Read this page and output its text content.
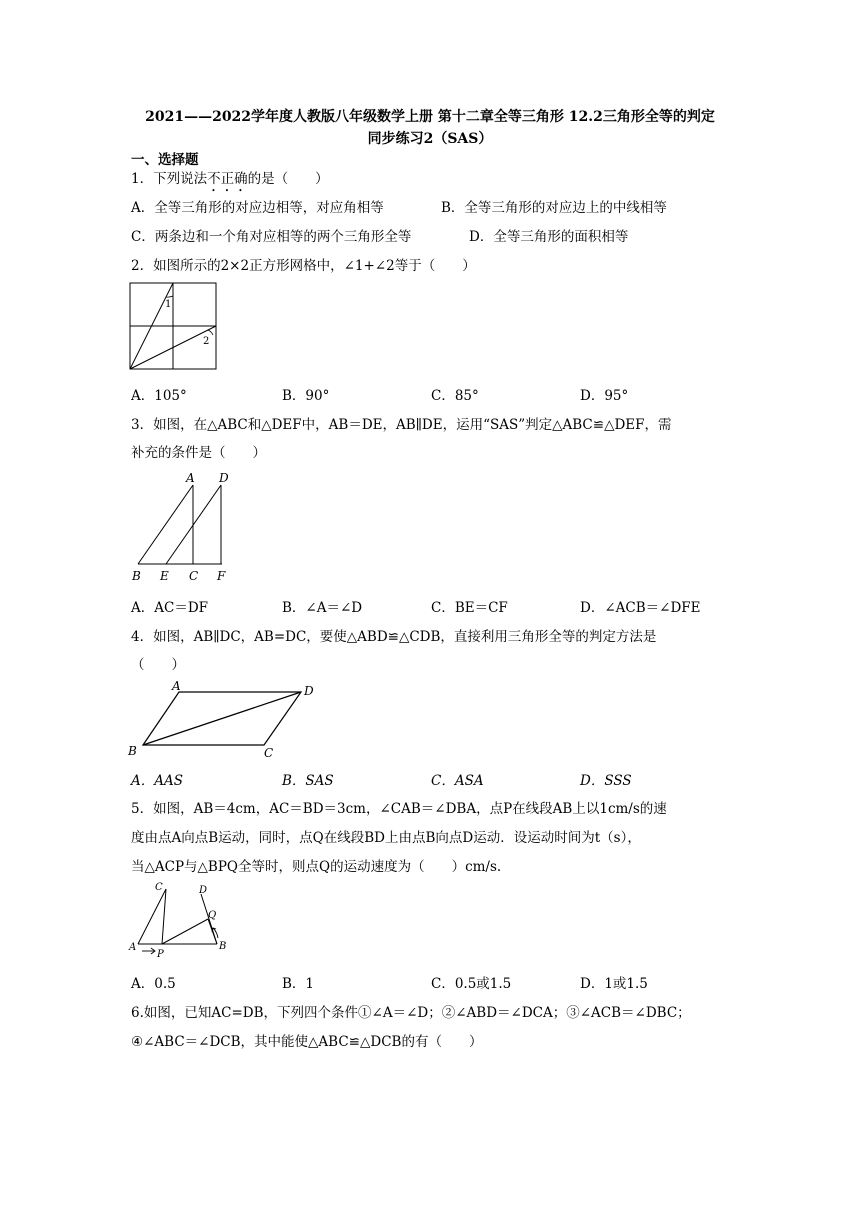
2021——2022学年度人教版八年级数学上册 第十二章全等三角形 12.2三角形全等的判定
同步练习2（SAS）
一、选择题
1．下列说法不正确的是（　　）
A．全等三角形的对应边相等，对应角相等	B．全等三角形的对应边上的中线相等
C．两条边和一个角对应相等的两个三角形全等	D．全等三角形的面积相等
2．如图所示的2×2正方形网格中，∠1+∠2等于（　　）
1
2
A．105°	B．90°	C．85°	D．95°
3．如图，在△ABC和△DEF中，AB＝DE，AB∥DE，运用“SAS”判定△ABC≌△DEF，需
补充的条件是（　　）
A D
B E C F
A．AC＝DF	B．∠A＝∠D	C．BE＝CF	D．∠ACB＝∠DFE
4．如图，AB∥DC，AB=DC，要使△ABD≌△CDB，直接利用三角形全等的判定方法是
（　　）
A	D
B	C
A．AAS	B．SAS	C．ASA	D．SSS
5．如图，AB＝4cm，AC＝BD＝3cm，∠CAB＝∠DBA，点P在线段AB上以1cm/s的速
度由点A向点B运动，同时，点Q在线段BD上由点B向点D运动．设运动时间为t（s），
当△ACP与△BPQ全等时，则点Q的运动速度为（　　）cm/s.
C	D
Q
A
P
B
A．0.5	B．1	C．0.5或1.5	D．1或1.5
6.如图，已知AC=DB，下列四个条件①∠A＝∠D；②∠ABD＝∠DCA；③∠ACB＝∠DBC；
④∠ABC＝∠DCB，其中能使△ABC≌△DCB的有（　　）
